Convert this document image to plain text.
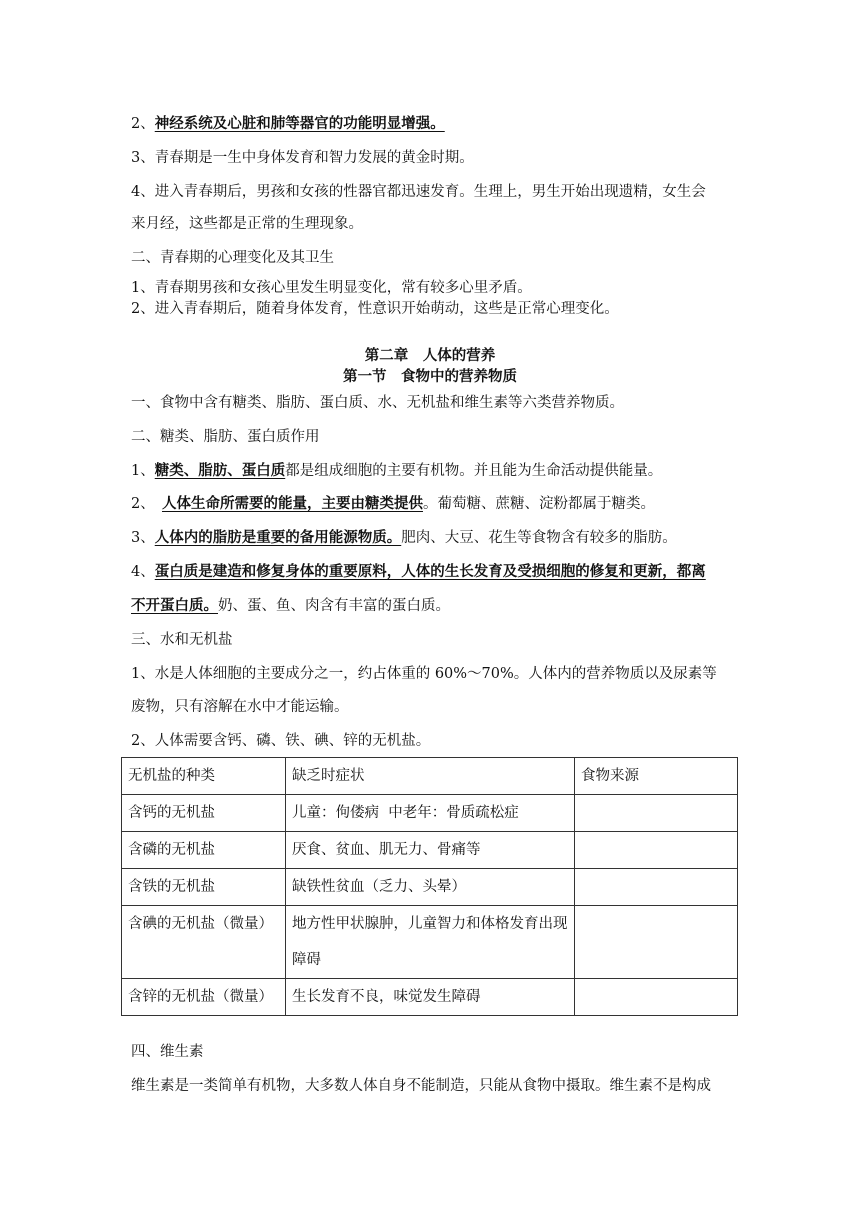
2、神经系统及心脏和肺等器官的功能明显增强。
3、青春期是一生中身体发育和智力发展的黄金时期。
4、进入青春期后，男孩和女孩的性器官都迅速发育。生理上，男生开始出现遗精，女生会
来月经，这些都是正常的生理现象。
二、青春期的心理变化及其卫生
1、青春期男孩和女孩心里发生明显变化，常有较多心里矛盾。
2、进入青春期后，随着身体发育，性意识开始萌动，这些是正常心理变化。
第二章　人体的营养
第一节　食物中的营养物质
一、食物中含有糖类、脂肪、蛋白质、水、无机盐和维生素等六类营养物质。
二、糖类、脂肪、蛋白质作用
1、糖类、脂肪、蛋白质都是组成细胞的主要有机物。并且能为生命活动提供能量。
2、　人体生命所需要的能量，主要由糖类提供。葡萄糖、蔗糖、淀粉都属于糖类。
3、人体内的脂肪是重要的备用能源物质。肥肉、大豆、花生等食物含有较多的脂肪。
4、蛋白质是建造和修复身体的重要原料，人体的生长发育及受损细胞的修复和更新，都离
不开蛋白质。奶、蛋、鱼、肉含有丰富的蛋白质。
三、水和无机盐
1、水是人体细胞的主要成分之一，约占体重的 60%～70%。人体内的营养物质以及尿素等
废物，只有溶解在水中才能运输。
2、人体需要含钙、磷、铁、碘、锌的无机盐。
无机盐的种类	缺乏时症状	食物来源
含钙的无机盐	儿童：佝偻病  中老年：骨质疏松症	
含磷的无机盐	厌食、贫血、肌无力、骨痛等	
含铁的无机盐	缺铁性贫血（乏力、头晕）	
含碘的无机盐（微量）	地方性甲状腺肿，儿童智力和体格发育出现障碍	
含锌的无机盐（微量）	生长发育不良，味觉发生障碍	
四、维生素
维生素是一类简单有机物，大多数人体自身不能制造，只能从食物中摄取。维生素不是构成
